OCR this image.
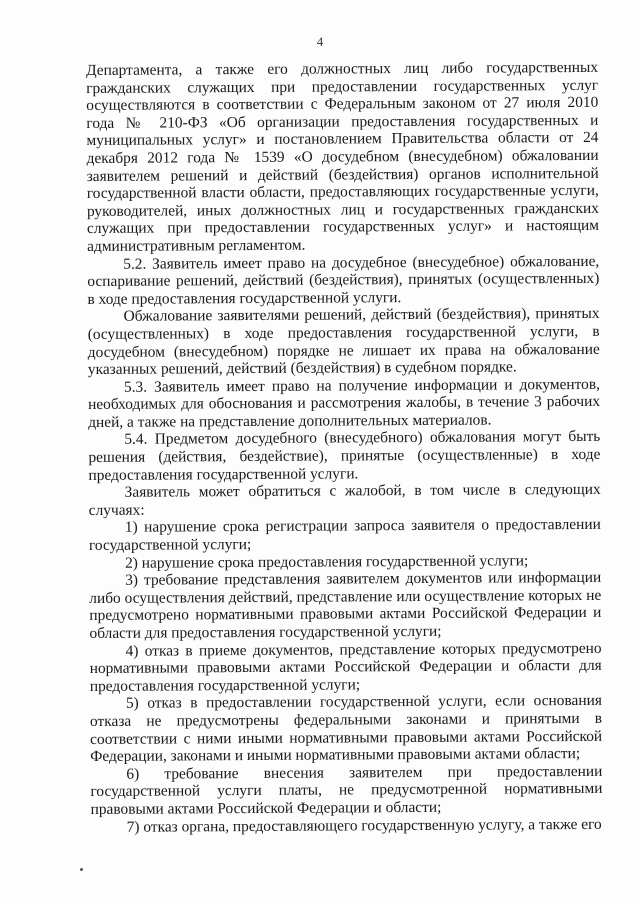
4

Департамента, а также его должностных лиц либо государственных гражданских служащих при предоставлении государственных услуг осуществляются в соответствии с Федеральным законом от 27 июля 2010 года № 210-ФЗ «Об организации предоставления государственных и муниципальных услуг» и постановлением Правительства области от 24 декабря 2012 года № 1539 «О досудебном (внесудебном) обжаловании заявителем решений и действий (бездействия) органов исполнительной государственной власти области, предоставляющих государственные услуги, руководителей, иных должностных лиц и государственных гражданских служащих при предоставлении государственных услуг» и настоящим административным регламентом.

5.2. Заявитель имеет право на досудебное (внесудебное) обжалование, оспаривание решений, действий (бездействия), принятых (осуществленных) в ходе предоставления государственной услуги.

Обжалование заявителями решений, действий (бездействия), принятых (осуществленных) в ходе предоставления государственной услуги, в досудебном (внесудебном) порядке не лишает их права на обжалование указанных решений, действий (бездействия) в судебном порядке.

5.3. Заявитель имеет право на получение информации и документов, необходимых для обоснования и рассмотрения жалобы, в течение 3 рабочих дней, а также на представление дополнительных материалов.

5.4. Предметом досудебного (внесудебного) обжалования могут быть решения (действия, бездействие), принятые (осуществленные) в ходе предоставления государственной услуги.

Заявитель может обратиться с жалобой, в том числе в следующих случаях:

1) нарушение срока регистрации запроса заявителя о предоставлении государственной услуги;

2) нарушение срока предоставления государственной услуги;

3) требование представления заявителем документов или информации либо осуществления действий, представление или осуществление которых не предусмотрено нормативными правовыми актами Российской Федерации и области для предоставления государственной услуги;

4) отказ в приеме документов, представление которых предусмотрено нормативными правовыми актами Российской Федерации и области для предоставления государственной услуги;

5) отказ в предоставлении государственной услуги, если основания отказа не предусмотрены федеральными законами и принятыми в соответствии с ними иными нормативными правовыми актами Российской Федерации, законами и иными нормативными правовыми актами области;

6) требование внесения заявителем при предоставлении государственной услуги платы, не предусмотренной нормативными правовыми актами Российской Федерации и области;

7) отказ органа, предоставляющего государственную услугу, а также его
